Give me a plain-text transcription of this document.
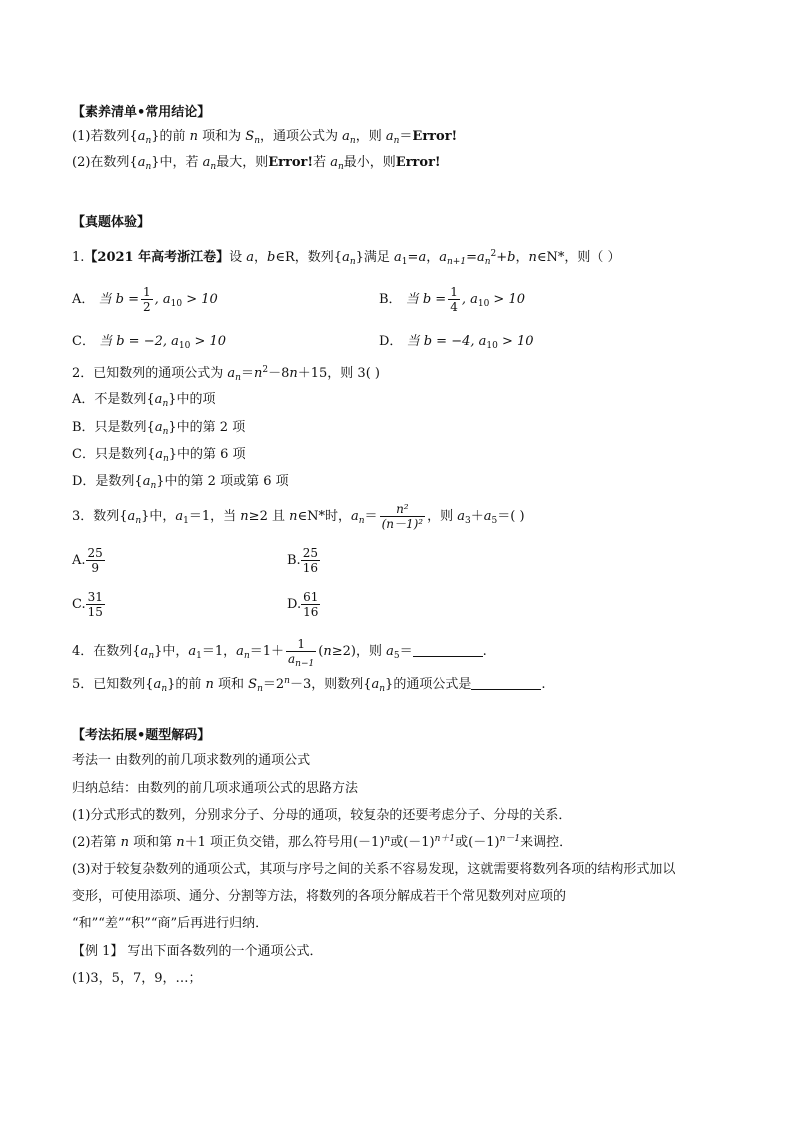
【素养清单•常用结论】
(1)若数列$\{a_n\}$的前 n 项和为 $S_n$，通项公式为 $a_n$，则 $a_n=Error$!
(2)在数列$\{a_n\}$中，若 $a_n$最大，则Error!若 $a_n$最小，则Error!
【真题体验】
1.【2021 年高考浙江卷】设 a，b∈R，数列$\{a_n\}$满足 $a_1=a$，$a_{n+1}=a_n^2+b$，n∈N*，则（ ）
A． 当 $b = \frac{1}{2}$ , $a_{10} > 10$	B． 当 $b = \frac{1}{4}$ , $a_{10} > 10$
C． 当 b = −2, $a_{10} > 10$	D． 当 b = −4, $a_{10} > 10$
2．已知数列的通项公式为 $a_n=n^2-8n+15$，则 3( )
A．不是数列$\{a_n\}$中的项
B．只是数列$\{a_n\}$中的第 2 项
C．只是数列$\{a_n\}$中的第 6 项
D．是数列$\{a_n\}$中的第 2 项或第 6 项
3．数列$\{a_n\}$中，$a_1=1$，当 n≥2 且 n∈N*时，$a_n= \frac{\text{n²}}{\text{(n－1)²}}$ ，则 $a_3+a_5=$( )
A. $\frac{25}{9}$	B. $\frac{25}{16}$
C. $\frac{31}{15}$	D. $\frac{61}{16}$
4．在数列$\{a_n\}$中，$a_1=1$，$a_n=1+ \frac{1}{a_{n-1}} (n\ge 2)$，则 $a_5=$	.
5．已知数列$\{a_n\}$的前 n 项和 $S_n=2^n-3$，则数列$\{a_n\}$的通项公式是	.
【考法拓展•题型解码】
考法一 由数列的前几项求数列的通项公式
归纳总结：由数列的前几项求通项公式的思路方法
(1)分式形式的数列，分别求分子、分母的通项，较复杂的还要考虑分子、分母的关系．
(2)若第 n 项和第 n＋1 项正负交错，那么符号用$(-1)^n$或$(-1)^{n+1}$或$(-1)^{n-1}$来调控．
(3)对于较复杂数列的通项公式，其项与序号之间的关系不容易发现，这就需要将数列各项的结构形式加以
变形，可使用添项、通分、分割等方法，将数列的各项分解成若干个常见数列对应项的
“和”“差”“积”“商”后再进行归纳．
【例 1】 写出下面各数列的一个通项公式．
(1)3，5，7，9，…；
